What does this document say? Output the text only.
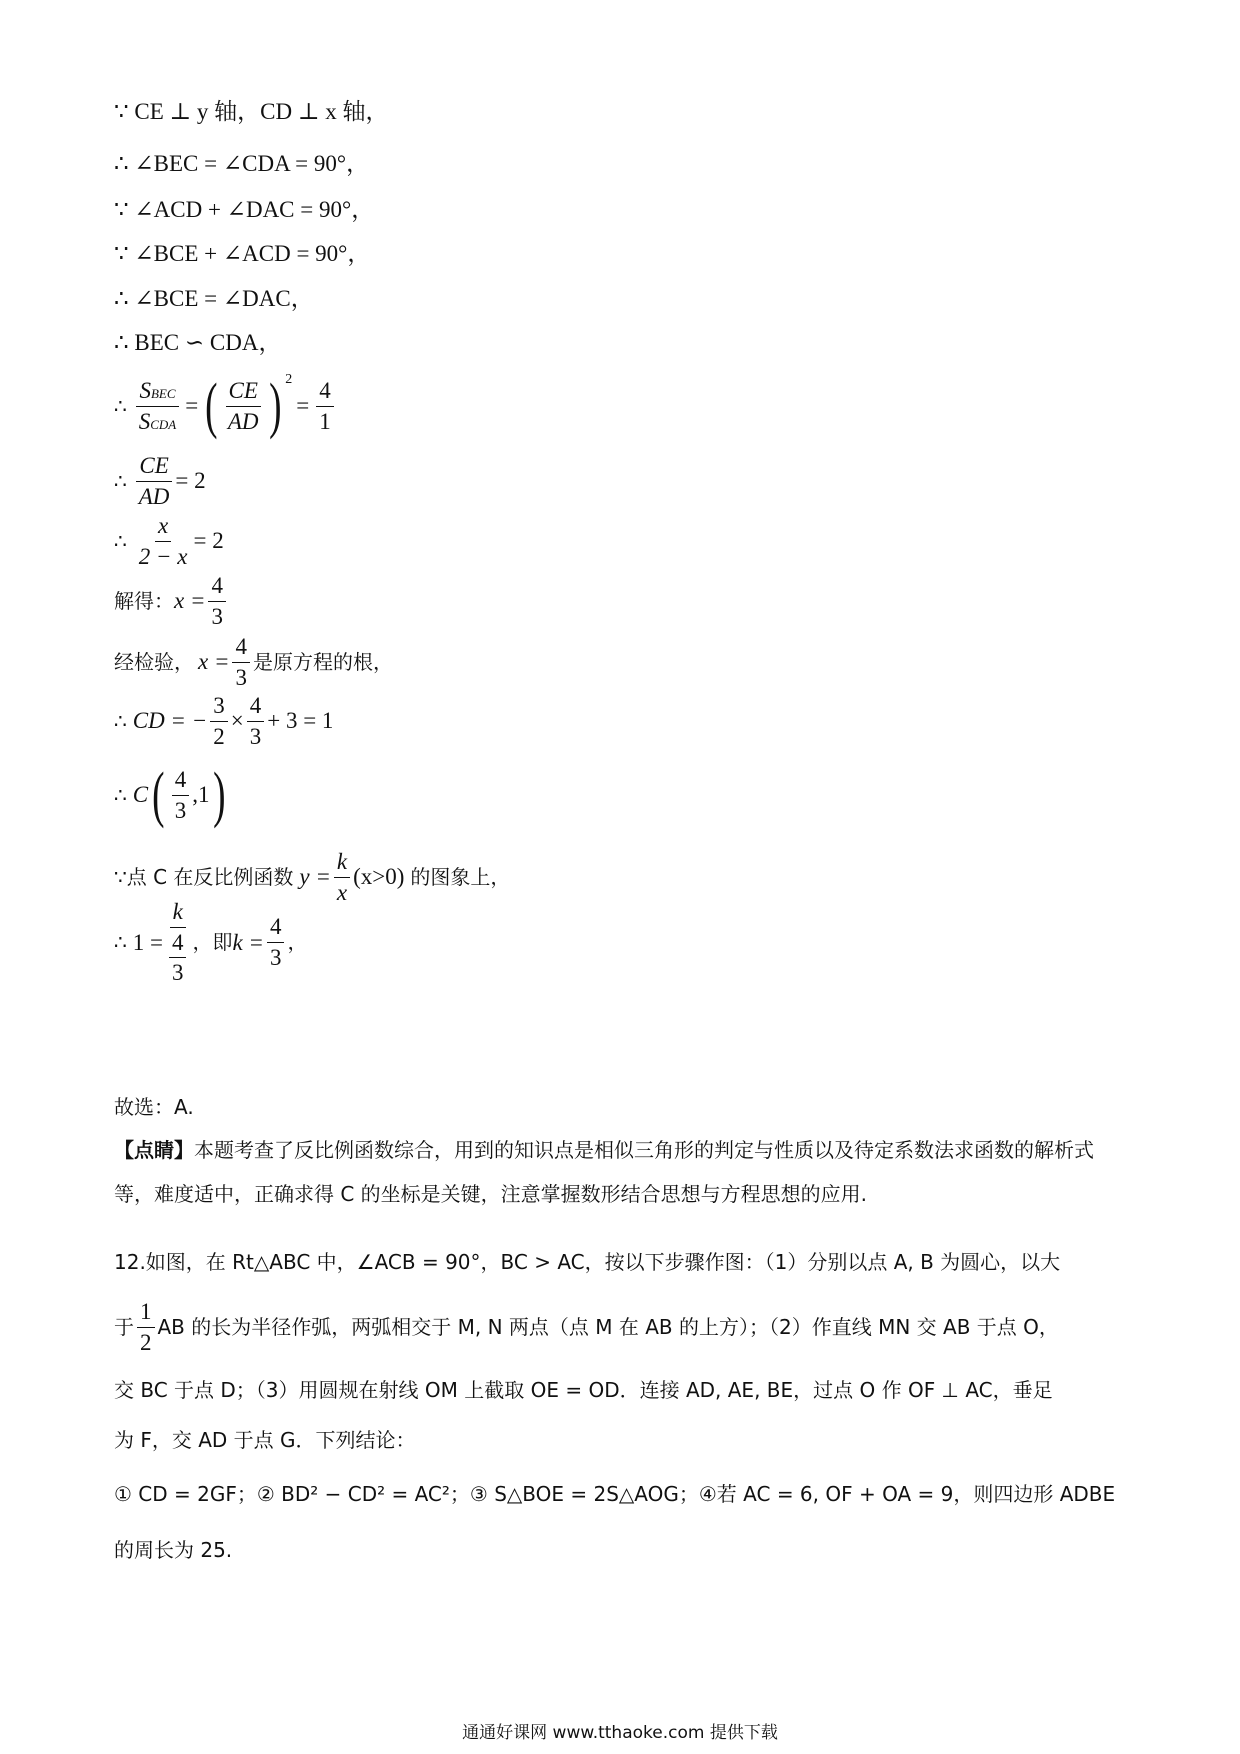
∵ CE ⊥ y 轴，CD ⊥ x 轴，
∴ ∠BEC = ∠CDA = 90°，
∵ ∠ACD + ∠DAC = 90°，
∵ ∠BCE + ∠ACD = 90°，
∴ ∠BCE = ∠DAC，
∴ BEC ∽ CDA，
∴ $\frac{\text{SBEC}}{\text{SCDA}}$ = ( $\frac{CE}{AD}$ ) 2
= $\frac{4}{1}$
∴ $\frac{CE}{AD} = 2$
∴ $\frac{x}{2 - x} = 2$
解得： $x = \frac{4}{3}$
经检验， $x = \frac{4}{3}$ 是原方程的根，
∴ CD = − $\frac{3}{2} \times \frac{4}{3} + 3 = 1$
∴ C ( $\frac{4}{3} ,1$ )
∵点 C 在反比例函数 $y = \frac{k}{x} (x>0)$ 的图象上，
∴ $1 = \frac{k}{\frac{4}{3}}$ ，即 $k = \frac{4}{3}$ ，
故选：A.
【点睛】本题考查了反比例函数综合，用到的知识点是相似三角形的判定与性质以及待定系数法求函数的解析式等，难度适中，正确求得 C 的坐标是关键，注意掌握数形结合思想与方程思想的应用.
12.如图，在 Rt△ABC 中，∠ACB = 90°，BC > AC，按以下步骤作图：（1）分别以点 A, B 为圆心，以大
于 $\frac{1}{2}$ AB 的长为半径作弧，两弧相交于 M, N 两点（点 M 在 AB 的上方）；（2）作直线 MN 交 AB 于点 O，
交 BC 于点 D；（3）用圆规在射线 OM 上截取 OE = OD．连接 AD, AE, BE，过点 O 作 OF ⊥ AC，垂足
为 F，交 AD 于点 G．下列结论：
① CD = 2GF；② BD² − CD² = AC²；③ S△BOE = 2S△AOG；④若 AC = 6, OF + OA = 9，则四边形 ADBE
的周长为 25.
通通好课网 www.tthaoke.com 提供下载
